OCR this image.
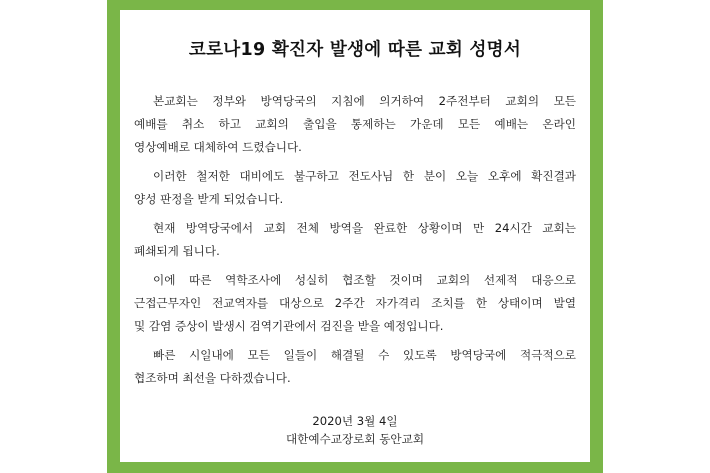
코로나19 확진자 발생에 따른 교회 성명서
본교회는 정부와 방역당국의 지침에 의거하여 2주전부터 교회의 모든
예배를 취소 하고 교회의 출입을 통제하는 가운데 모든 예배는 온라인
영상예배로 대체하여 드렸습니다.
이러한 철저한 대비에도 불구하고 전도사님 한 분이 오늘 오후에 확진결과
양성 판정을 받게 되었습니다.
현재 방역당국에서 교회 전체 방역을 완료한 상황이며 만 24시간 교회는
폐쇄되게 됩니다.
이에 따른 역학조사에 성실히 협조할 것이며 교회의 선제적 대응으로
근접근무자인 전교역자를 대상으로 2주간 자가격리 조치를 한 상태이며 발열
및 감염 증상이 발생시 검역기관에서 검진을 받을 예정입니다.
빠른 시일내에 모든 일들이 해결될 수 있도록 방역당국에 적극적으로
협조하며 최선을 다하겠습니다.
2020년 3월 4일
대한예수교장로회 동안교회
